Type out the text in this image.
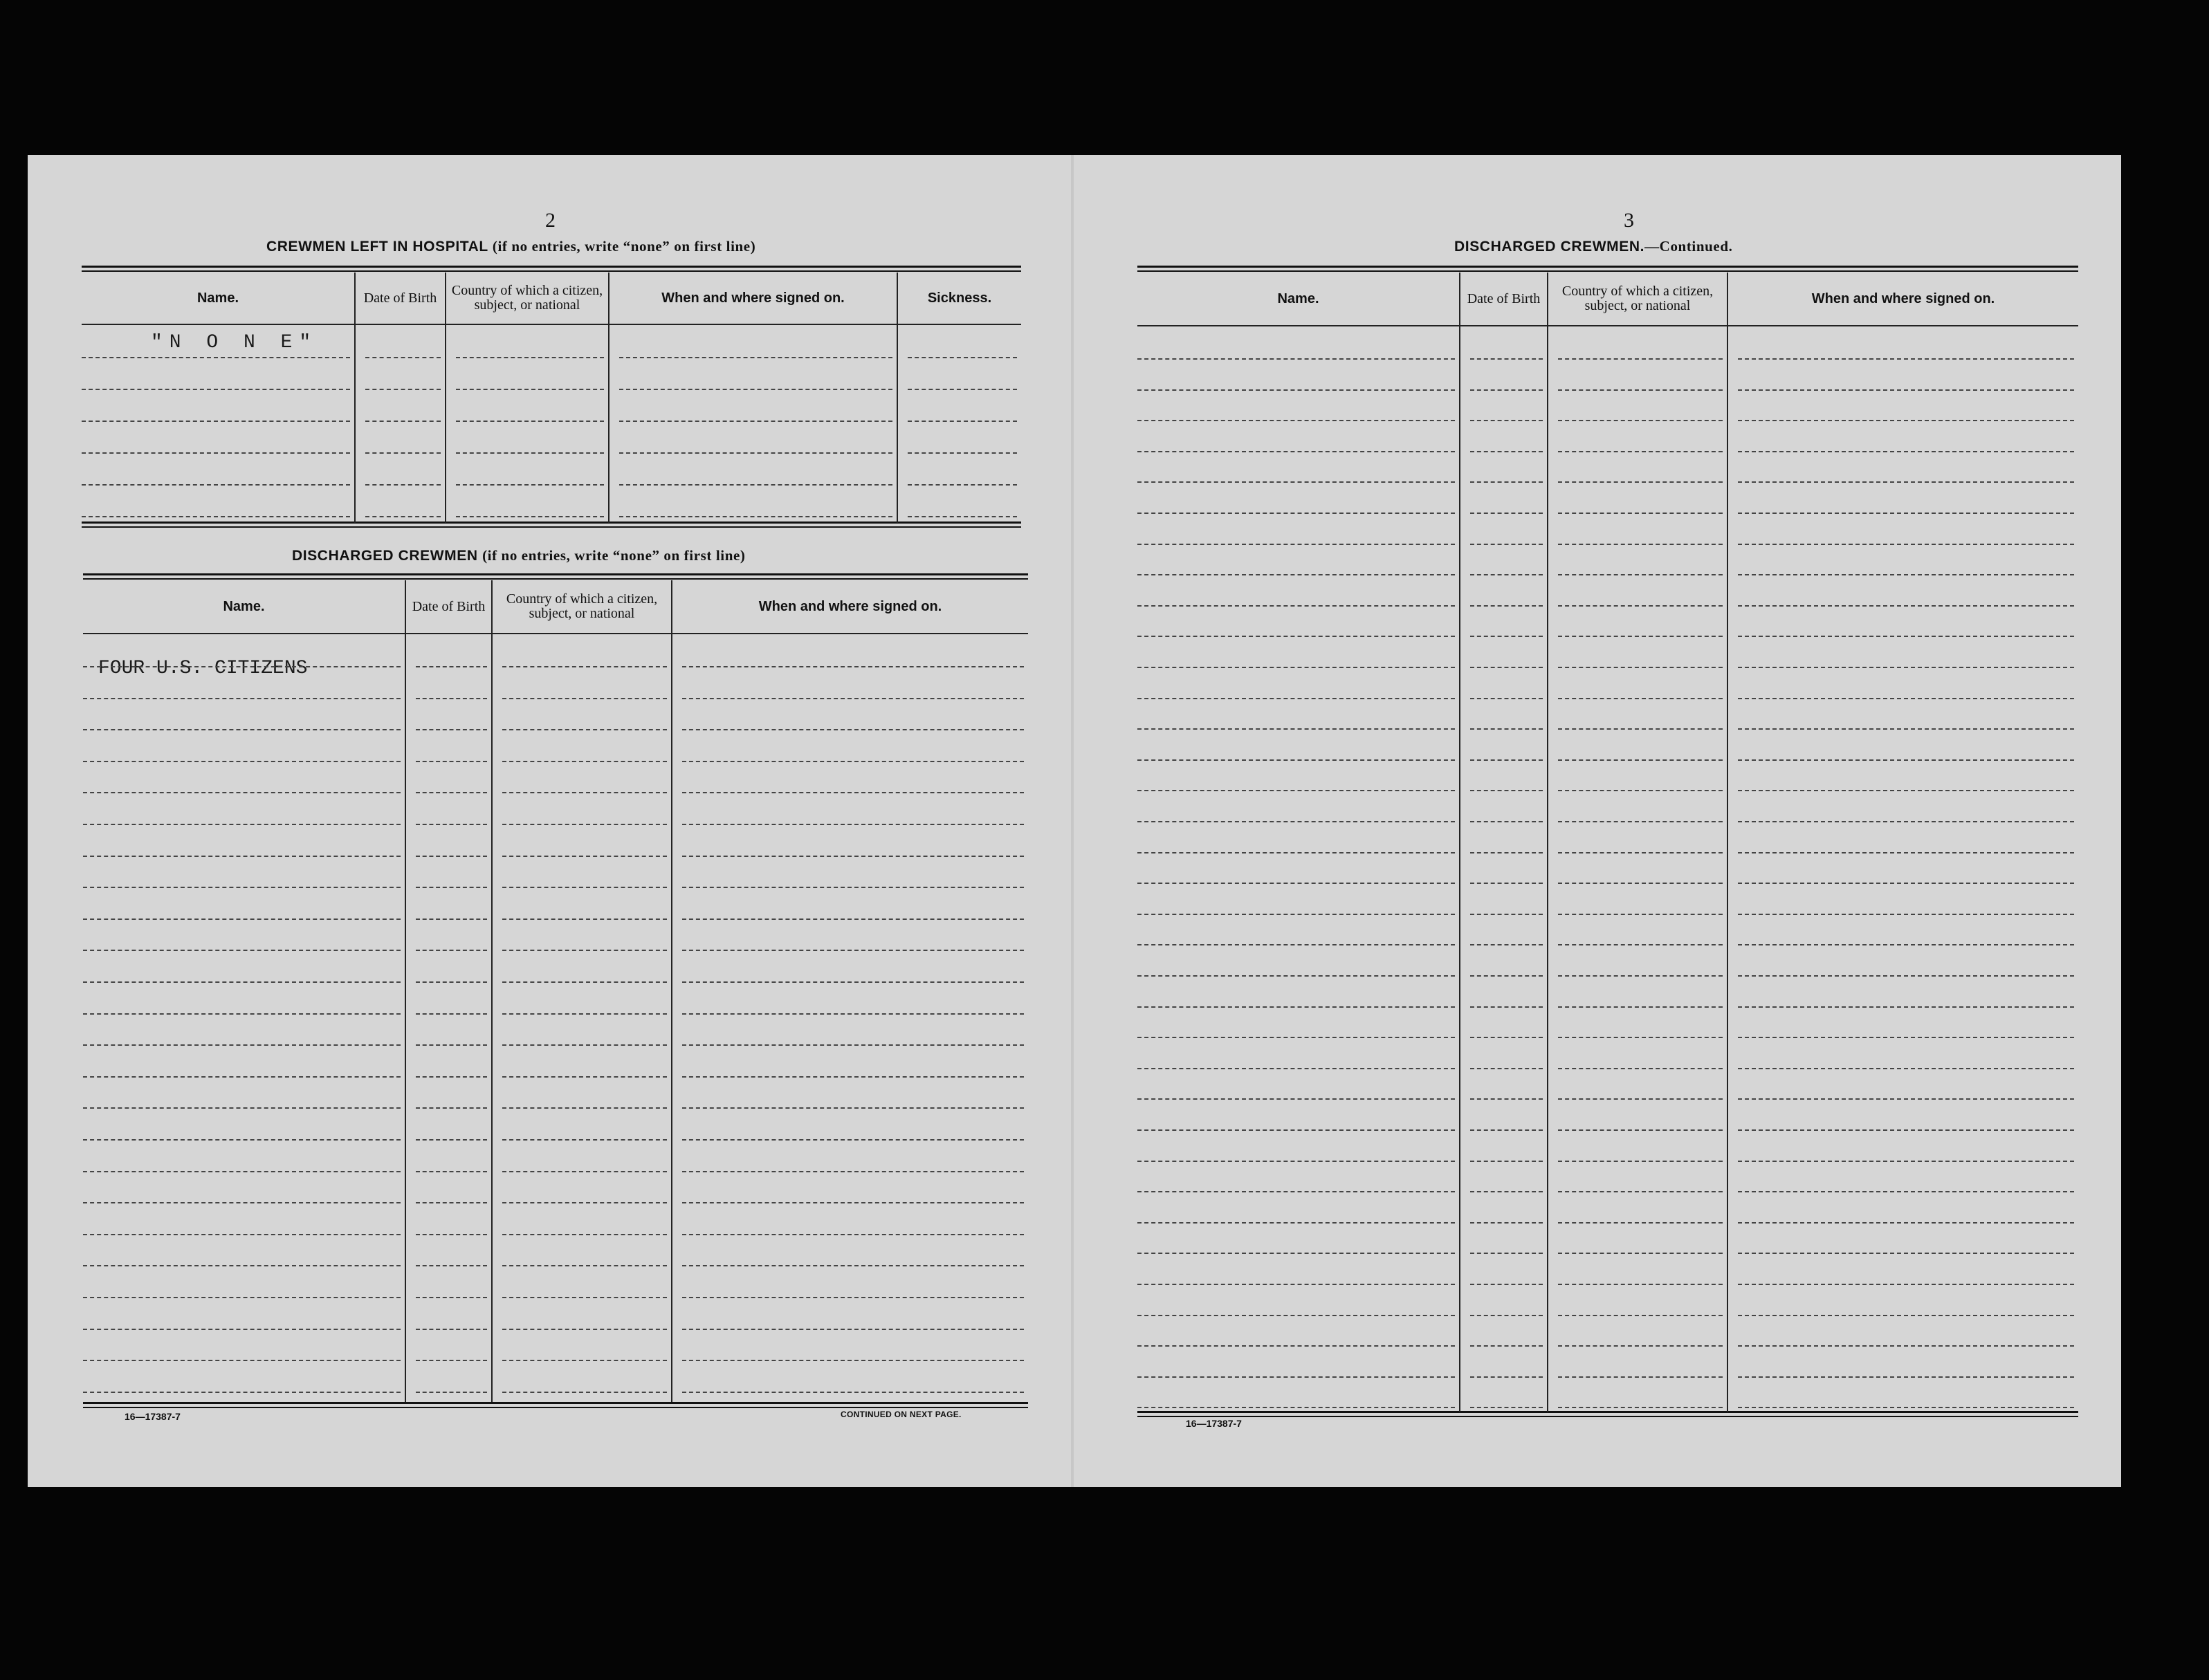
2
CREWMEN LEFT IN HOSPITAL (if no entries, write “none” on first line)
Name.	Date of Birth	Country of which a citizen, subject, or national	When and where signed on.	Sickness.
"N O N E"
DISCHARGED CREWMEN (if no entries, write “none” on first line)
Name.	Date of Birth	Country of which a citizen, subject, or national	When and where signed on.
FOUR U.S. CITIZENS
16—17387-7	CONTINUED ON NEXT PAGE.
3
DISCHARGED CREWMEN.—Continued.
Name.	Date of Birth	Country of which a citizen, subject, or national	When and where signed on.
16—17387-7
